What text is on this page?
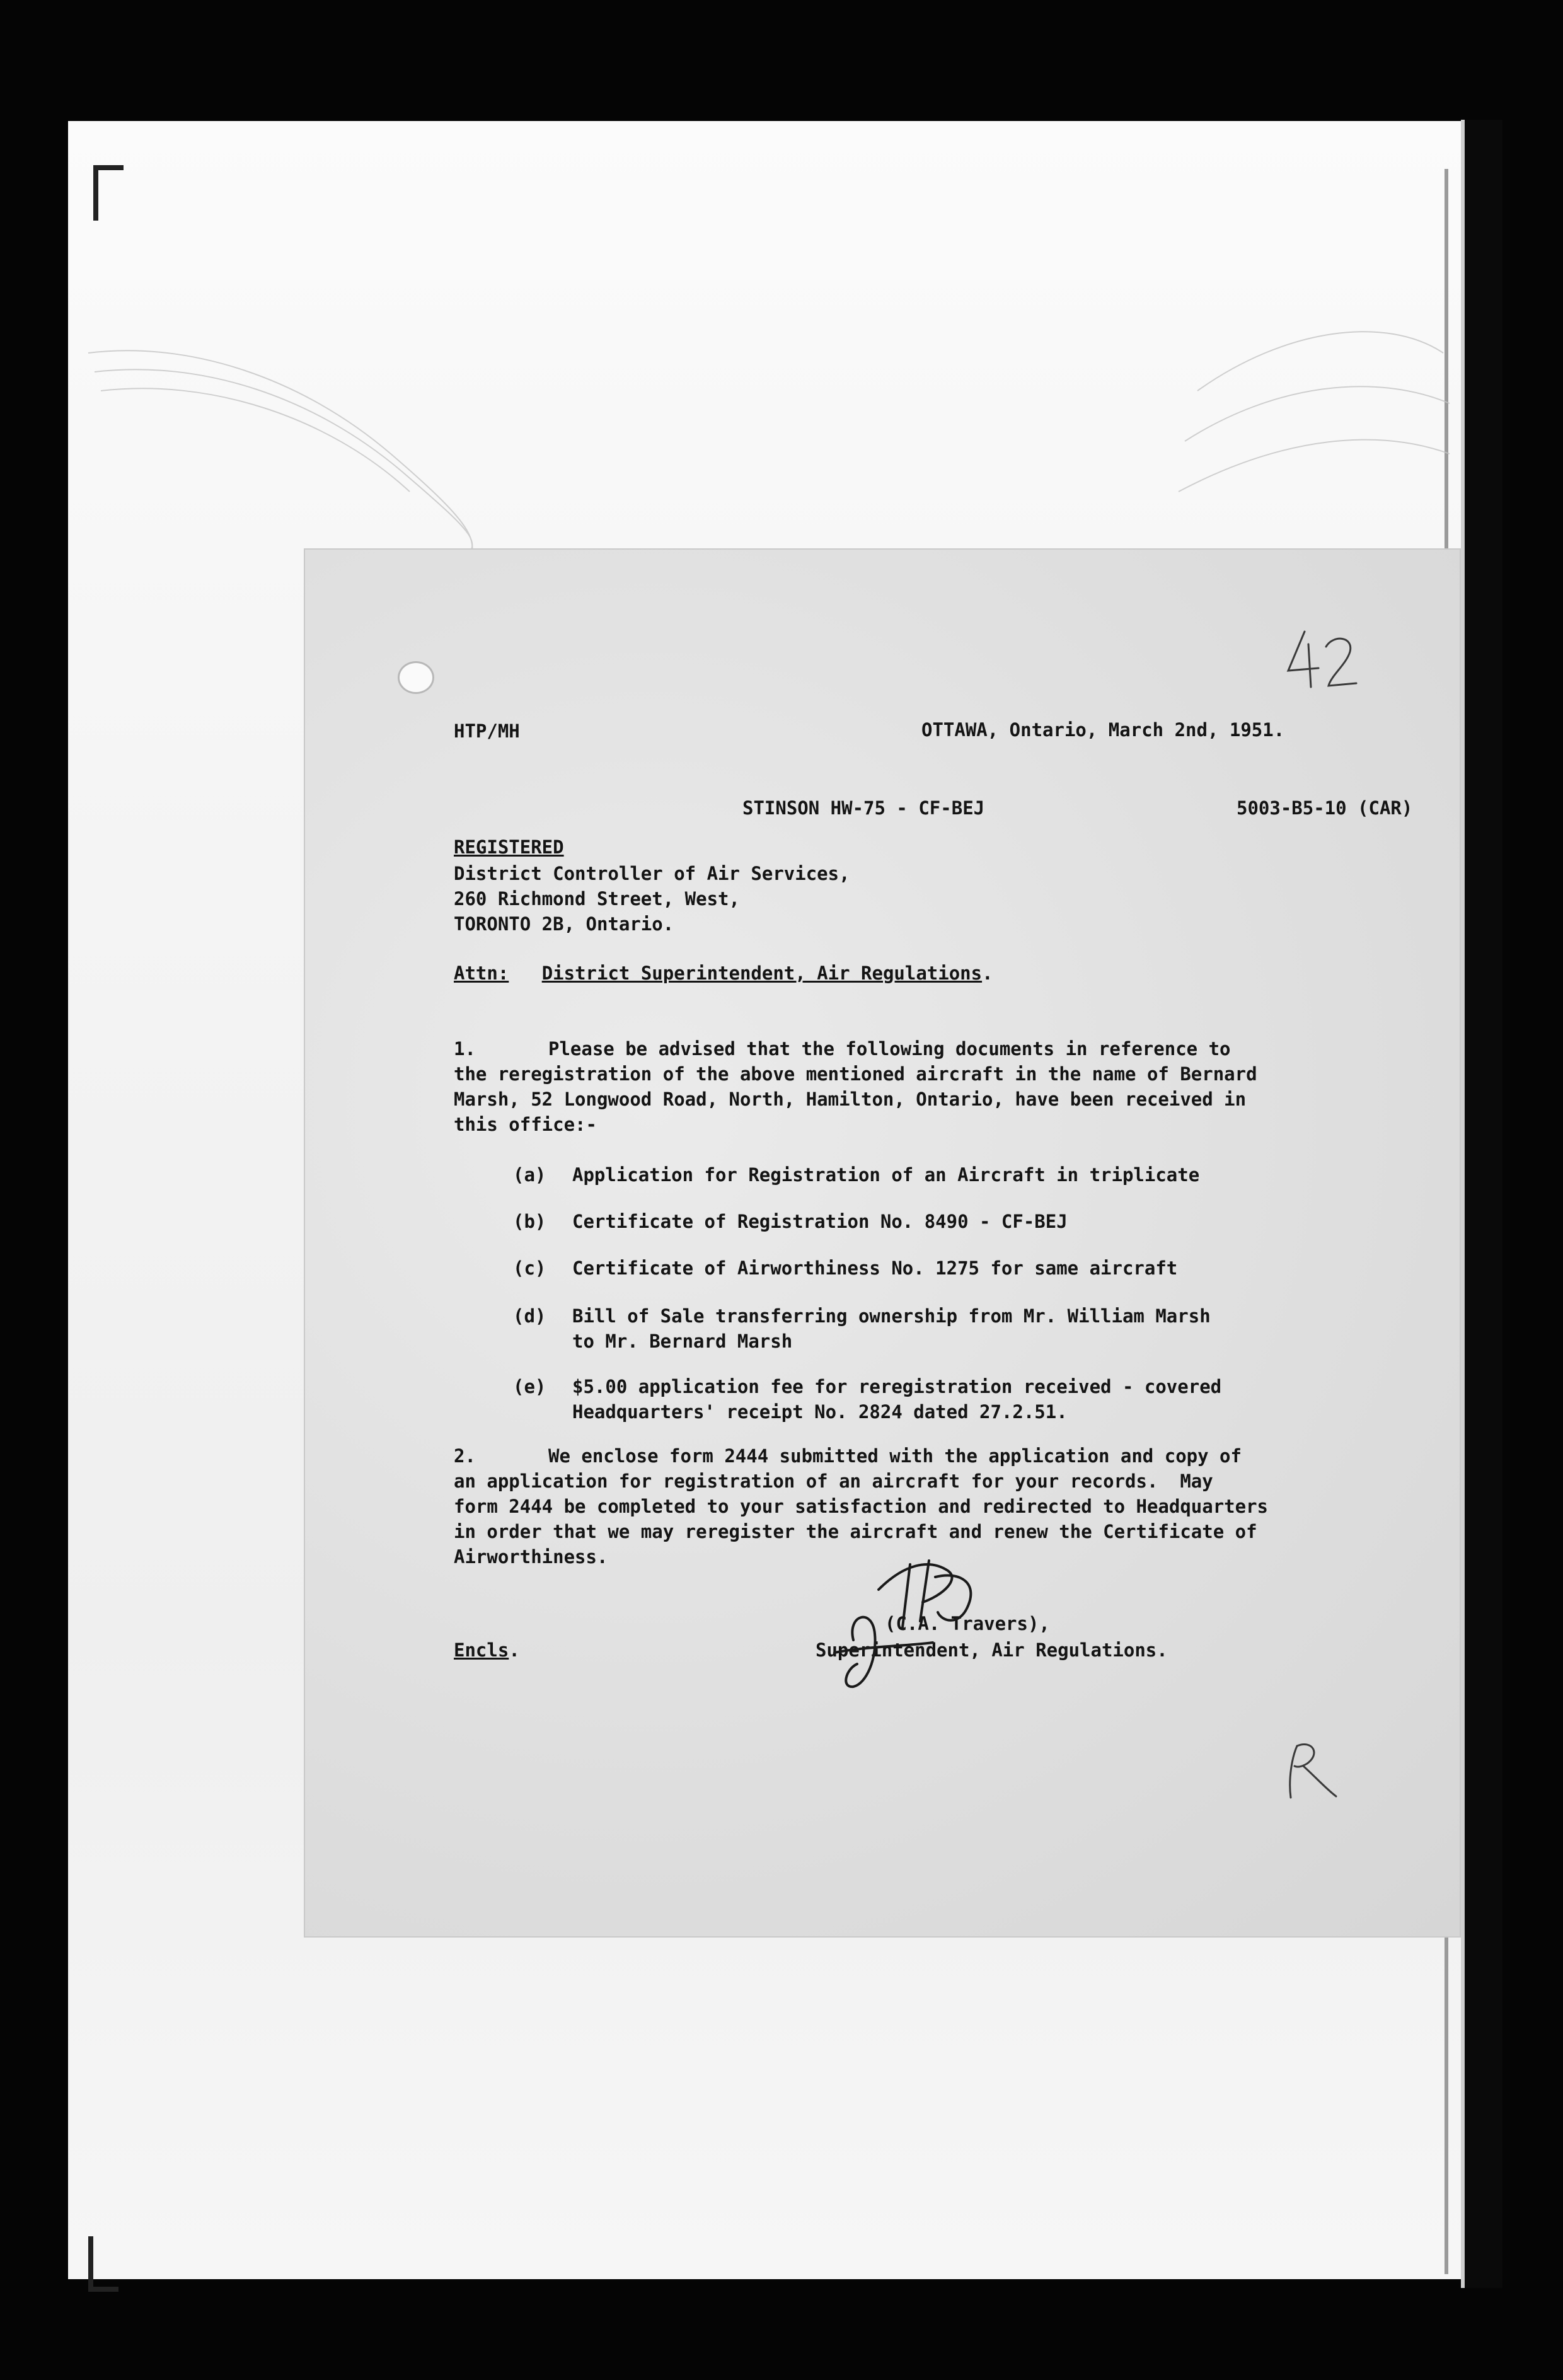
HTP/MH	OTTAWA, Ontario, March 2nd, 1951.

STINSON HW-75 - CF-BEJ	5003-B5-10 (CAR)

REGISTERED

District Controller of Air Services,

260 Richmond Street, West,

TORONTO 2B, Ontario.

Attn: District Superintendent, Air Regulations.

1.	Please be advised that the following documents in reference to

the reregistration of the above mentioned aircraft in the name of Bernard

Marsh, 52 Longwood Road, North, Hamilton, Ontario, have been received in

this office:-

(a) Application for Registration of an Aircraft in triplicate

(b) Certificate of Registration No. 8490 - CF-BEJ

(c) Certificate of Airworthiness No. 1275 for same aircraft

(d) Bill of Sale transferring ownership from Mr. William Marsh

to Mr. Bernard Marsh

(e) $5.00 application fee for reregistration received - covered

Headquarters' receipt No. 2824 dated 27.2.51.

2.	We enclose form 2444 submitted with the application and copy of

an application for registration of an aircraft for your records.  May

form 2444 be completed to your satisfaction and redirected to Headquarters

in order that we may reregister the aircraft and renew the Certificate of

Airworthiness.

(C.A. Travers),

Superintendent, Air Regulations.

Encls.
